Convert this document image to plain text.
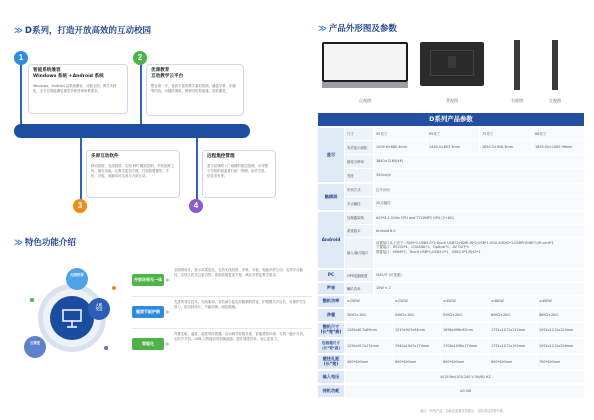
≫ D系列，打造开放高效的互动校园
1	2
3	4
智能系统兼容
Windows 系统 +Android 系统
Windows、Android 双系统兼容，功能全面；教学多样化，全方位的能满足课堂多种使用场景需求。
优课教育
互动教学云平台
整合第一手、优质丰富的教学素材资源，涵盖学科、年级等内容，可随时调取，教师可轻松备课，高效课堂。
多屏互动软件
移动投屏、无线投屏，实现 PPT 翻页控制，手机拍照上传，展台功能，让教学更加方便，打造智慧课堂，手机、平板、电脑均可实现与大屏互动。
远程集控管理
基于局域网 / 广域网的集控管理，可对整个学校的设备进行统一管理，如开关机、信息发布等。
≫ 特色功能介绍
无线传屏
云课堂
人机
交互
开放环保无一体
全面屏设计，显示效果更佳，支持无线投屏，手机、平板、电脑多屏互动；支持多点触控，实现人机交互更自然；系统拓展更加方便，满足多样化教学需求。
健康节能护眼
先进的背光技术，光线柔和，有效减少蓝光对眼睛的伤害，护眼模式开启后，可保护学生视力，低功耗设计，节能环保，绿色健康。
智能化
内置光敏，温度、湿度等传感器，自动调节屏幕亮度，智能感知环境；支持一键开关机、定时开关机，USB 口智能识别切换通道，提升课堂效率，省心更省力。
≫ 产品外形图及参数
正视图	背视图	右视图	左视图
D系列产品参数
显示
尺寸	55英寸	65英寸	75英寸	86英寸
有效显示面积	1209.6×680.4mm	1428.5×803.5mm	1650.2×928.3mm	1895.04×1065.96mm
最佳分辨率	3840×2160(4K)
亮度	350cd/㎡
触摸屏
识别方式	红外识别
多点触控	20点触控
Android
处理器架构	A53*4 1.5GHz CPU and T720MP2 GPU (2+8G)
系统版本	Android 8.0
输入/输出接口
前置接口从上到下：RJ45*1;USB3.0*2;Touch USB*1;HDMI IN*2;USB*1;VGA AUDIO*1;EARPHONE*1;IR-card*1
下置接口：RS232*1、COAXIAL*1、Optical*1、AV OUT*1
侧置接口：HDMI*1、Touch USB*1;USB3.0*1、USB2.0*1;RJ45*1
PC	OPS电脑配置	I5/I5/I7 (可选配)
声音	喇叭功率	15W × 2
整机功率	≤200W	≤250W	≤350W	≤380W	≤400W
净重	30KG±1KG	44KG±1KG	55KG±2KG	60KG±2KG	86KG±2KG
整机尺寸
(长*宽*高)	1285x817x89mm	1510x947x94mm	1698x996x92mm	1731x1072x112mm	1991x1212x125mm
包装箱尺寸
(长*宽*高)
1290x917x174mm	1540x1047x174mm	1708x1096x174mm	1731x1072x192mm	1991x1212x206mm
壁挂孔距
(长*宽)	400*400mm	600*400mm	600*400mm	600*400mm	700*400mm
输入电压	AC(50Hz)100-240 V 50/60 HZ
待机功耗	≤0.5W
备注：所有产品、功能及参数仅作展示，实际请以实物为准。
